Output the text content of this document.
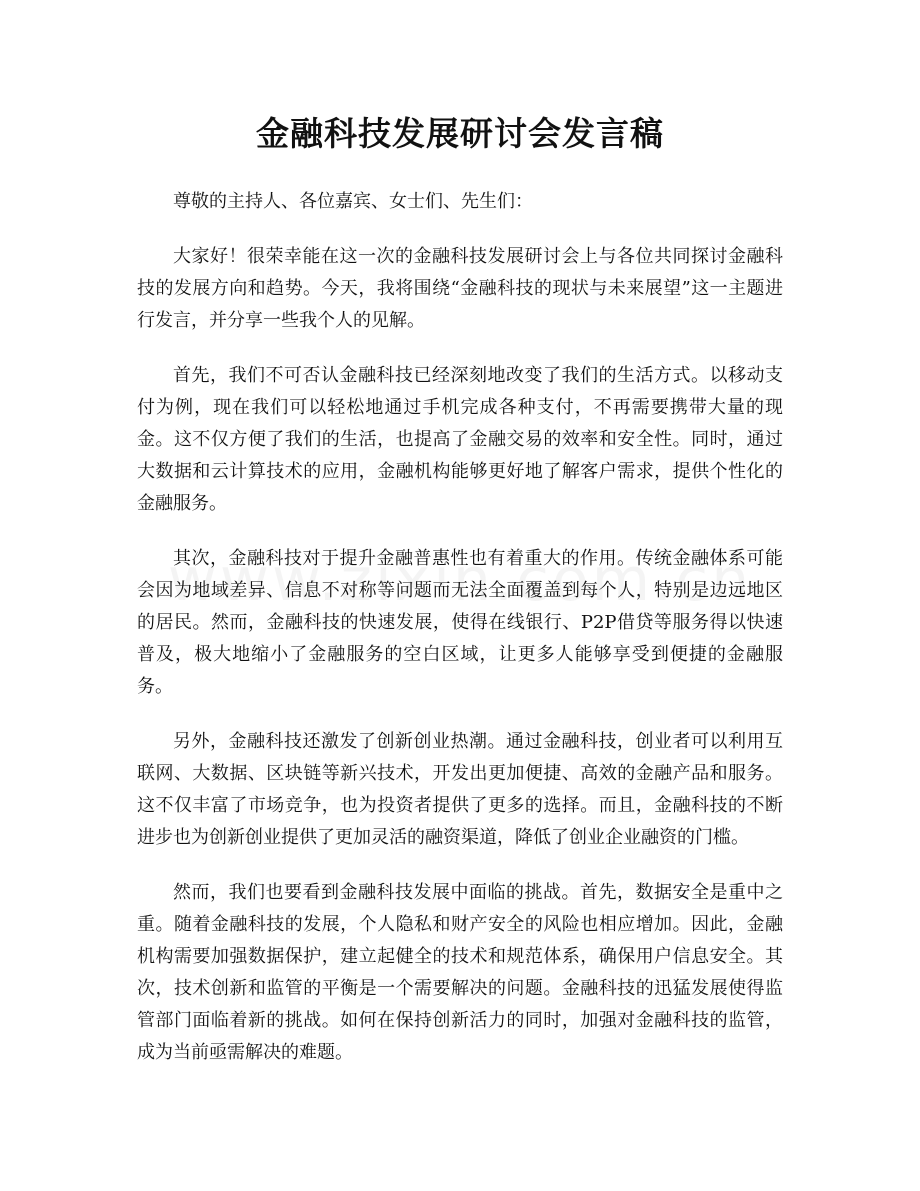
金融科技发展研讨会发言稿

尊敬的主持人、各位嘉宾、女士们、先生们：

大家好！很荣幸能在这一次的金融科技发展研讨会上与各位共同探讨金融科技的发展方向和趋势。今天，我将围绕“金融科技的现状与未来展望”这一主题进行发言，并分享一些我个人的见解。

首先，我们不可否认金融科技已经深刻地改变了我们的生活方式。以移动支付为例，现在我们可以轻松地通过手机完成各种支付，不再需要携带大量的现金。这不仅方便了我们的生活，也提高了金融交易的效率和安全性。同时，通过大数据和云计算技术的应用，金融机构能够更好地了解客户需求，提供个性化的金融服务。

其次，金融科技对于提升金融普惠性也有着重大的作用。传统金融体系可能会因为地域差异、信息不对称等问题而无法全面覆盖到每个人，特别是边远地区的居民。然而，金融科技的快速发展，使得在线银行、P2P借贷等服务得以快速普及，极大地缩小了金融服务的空白区域，让更多人能够享受到便捷的金融服务。

另外，金融科技还激发了创新创业热潮。通过金融科技，创业者可以利用互联网、大数据、区块链等新兴技术，开发出更加便捷、高效的金融产品和服务。这不仅丰富了市场竞争，也为投资者提供了更多的选择。而且，金融科技的不断进步也为创新创业提供了更加灵活的融资渠道，降低了创业企业融资的门槛。

然而，我们也要看到金融科技发展中面临的挑战。首先，数据安全是重中之重。随着金融科技的发展，个人隐私和财产安全的风险也相应增加。因此，金融机构需要加强数据保护，建立起健全的技术和规范体系，确保用户信息安全。其次，技术创新和监管的平衡是一个需要解决的问题。金融科技的迅猛发展使得监管部门面临着新的挑战。如何在保持创新活力的同时，加强对金融科技的监管，成为当前亟需解决的难题。
